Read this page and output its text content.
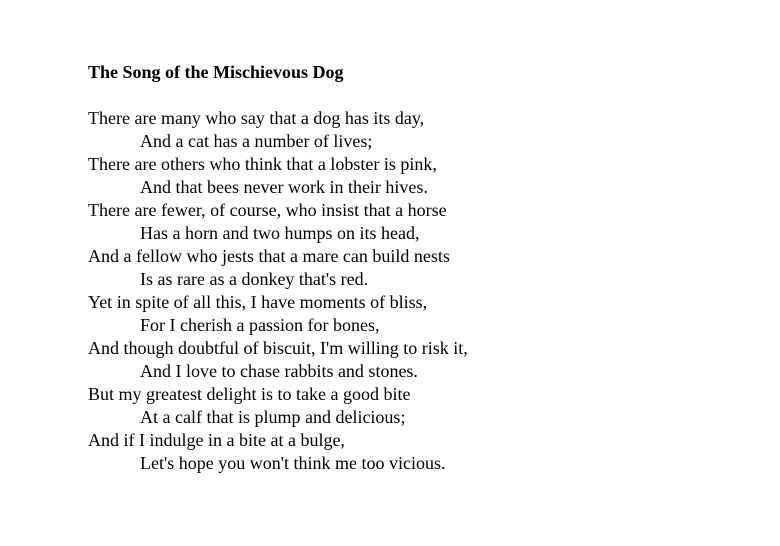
The Song of the Mischievous Dog
There are many who say that a dog has its day,
And a cat has a number of lives;
There are others who think that a lobster is pink,
And that bees never work in their hives.
There are fewer, of course, who insist that a horse
Has a horn and two humps on its head,
And a fellow who jests that a mare can build nests
Is as rare as a donkey that's red.
Yet in spite of all this, I have moments of bliss,
For I cherish a passion for bones,
And though doubtful of biscuit, I'm willing to risk it,
And I love to chase rabbits and stones.
But my greatest delight is to take a good bite
At a calf that is plump and delicious;
And if I indulge in a bite at a bulge,
Let's hope you won't think me too vicious.
